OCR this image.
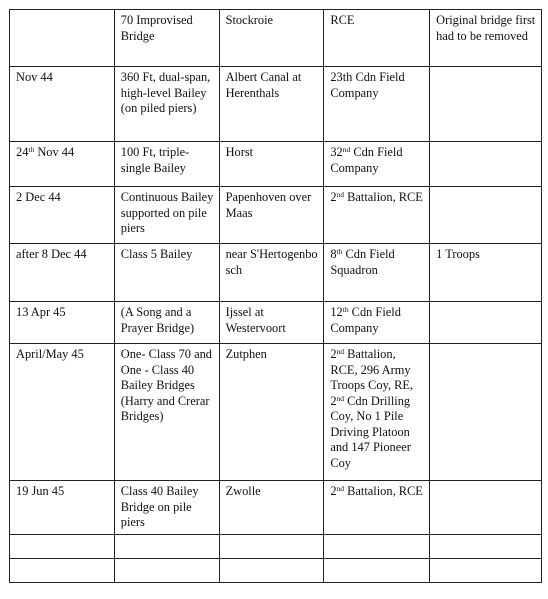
	70 Improvised Bridge	Stockroie	RCE	Original bridge first had to be removed
Nov 44	360 Ft, dual-span, high-level Bailey (on piled piers)	Albert Canal at Herenthals	23th Cdn Field Company	
24th Nov 44	100 Ft, triple-single Bailey	Horst	32nd Cdn Field Company	
2 Dec 44	Continuous Bailey supported on pile piers	Papenhoven over Maas	2nd Battalion, RCE	
after 8 Dec 44	Class 5 Bailey	near S'Hertogenbosch	8th Cdn Field Squadron	1 Troops
13 Apr 45	(A Song and a Prayer Bridge)	Ijssel at Westervoort	12th Cdn Field Company	
April/May 45	One- Class 70 and One - Class 40 Bailey Bridges (Harry and Crerar Bridges)	Zutphen	2nd Battalion, RCE, 296 Army Troops Coy, RE, 2nd Cdn Drilling Coy, No 1 Pile Driving Platoon and 147 Pioneer Coy	
19 Jun 45	Class 40 Bailey Bridge on pile piers	Zwolle	2nd Battalion, RCE	
